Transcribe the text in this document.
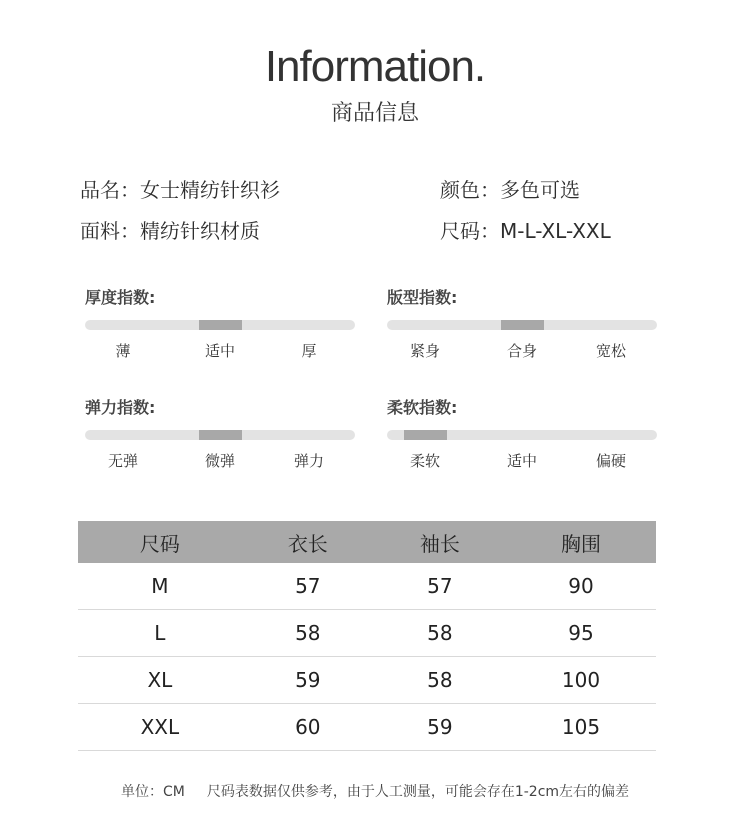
Information.
商品信息
品名：女士精纺针织衫	颜色：多色可选
面料：精纺针织材质	尺码：M-L-XL-XXL
厚度指数:
薄	适中	厚
版型指数:
紧身	合身	宽松
弹力指数:
无弹	微弹	弹力
柔软指数:
柔软	适中	偏硬
尺码	衣长	袖长	胸围
M	57	57	90
L	58	58	95
XL	59	58	100
XXL	60	59	105
单位：CM 尺码表数据仅供参考，由于人工测量，可能会存在1-2cm左右的偏差
